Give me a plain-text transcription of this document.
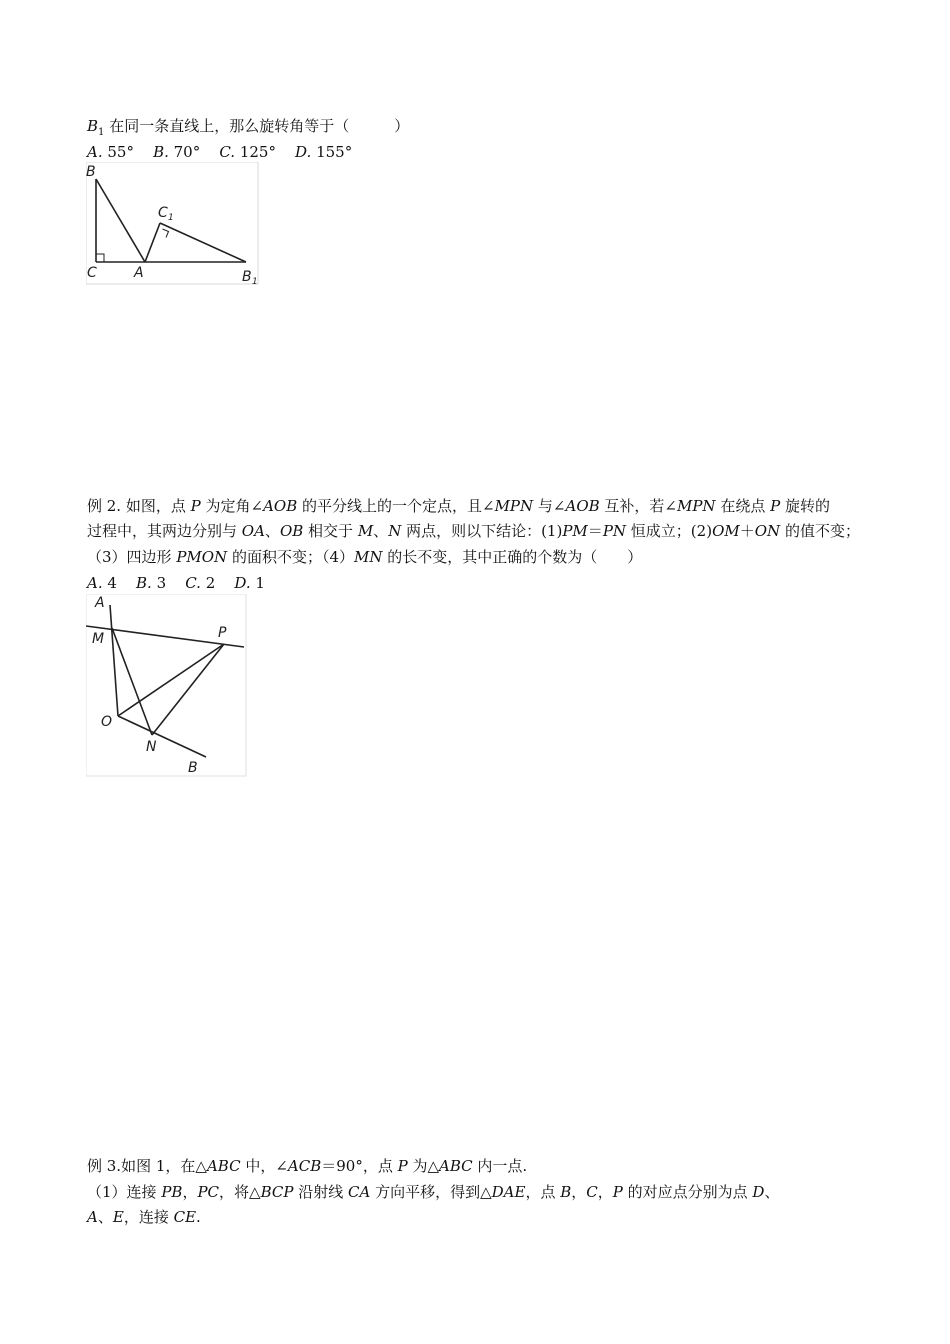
$B_1$ 在同一条直线上，那么旋转角等于（　　　）
A. 55° B. 70° C. 125° D. 155°
B
C	A
C 1
B 1
例 2. 如图，点 P 为定角∠AOB 的平分线上的一个定点，且∠MPN 与∠AOB 互补，若∠MPN 在绕点 P 旋转的
过程中，其两边分别与 OA、OB 相交于 M、N 两点，则以下结论：(1)PM＝PN 恒成立；(2)OM＋ON 的值不变；
（3）四边形 PMON 的面积不变；（4）MN 的长不变，其中正确的个数为（　　）
A. 4 B. 3 C. 2 D. 1
A
M	P
O
N
B
例 3.如图 1，在△ABC 中，∠ACB＝90°，点 P 为△ABC 内一点.
（1）连接 PB，PC，将△BCP 沿射线 CA 方向平移，得到△DAE，点 B，C，P 的对应点分别为点 D、
A、E，连接 CE.
